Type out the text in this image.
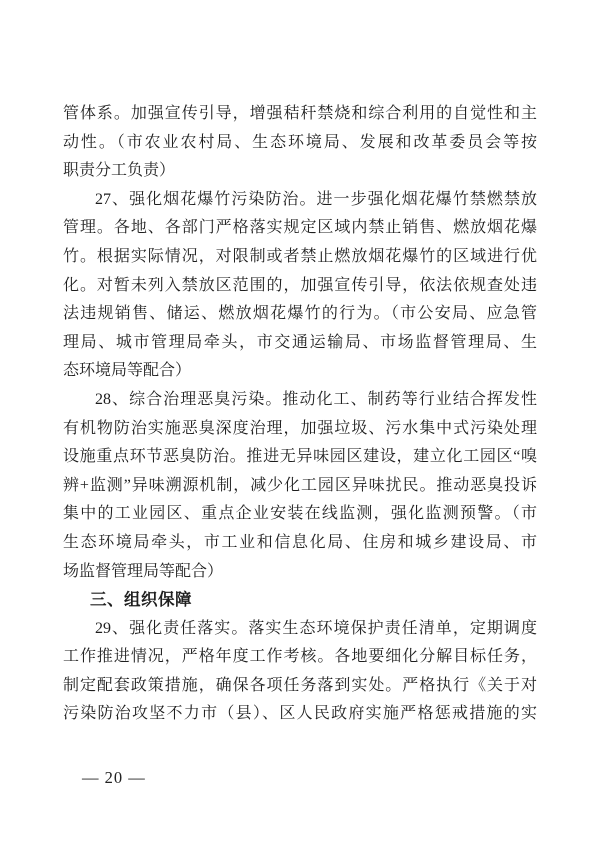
管体系。加强宣传引导，增强秸秆禁烧和综合利用的自觉性和主

动性。（市农业农村局、生态环境局、发展和改革委员会等按

职责分工负责）

27、强化烟花爆竹污染防治。进一步强化烟花爆竹禁燃禁放

管理。各地、各部门严格落实规定区域内禁止销售、燃放烟花爆

竹。根据实际情况，对限制或者禁止燃放烟花爆竹的区域进行优

化。对暂未列入禁放区范围的，加强宣传引导，依法依规查处违

法违规销售、储运、燃放烟花爆竹的行为。（市公安局、应急管

理局、城市管理局牵头，市交通运输局、市场监督管理局、生

态环境局等配合）

28、综合治理恶臭污染。推动化工、制药等行业结合挥发性

有机物防治实施恶臭深度治理，加强垃圾、污水集中式污染处理

设施重点环节恶臭防治。推进无异味园区建设，建立化工园区“嗅

辨+监测”异味溯源机制，减少化工园区异味扰民。推动恶臭投诉

集中的工业园区、重点企业安装在线监测，强化监测预警。（市

生态环境局牵头，市工业和信息化局、住房和城乡建设局、市

场监督管理局等配合）

三、组织保障

29、强化责任落实。落实生态环境保护责任清单，定期调度

工作推进情况，严格年度工作考核。各地要细化分解目标任务，

制定配套政策措施，确保各项任务落到实处。严格执行《关于对

污染防治攻坚不力市（县）、区人民政府实施严格惩戒措施的实

— 20 —
